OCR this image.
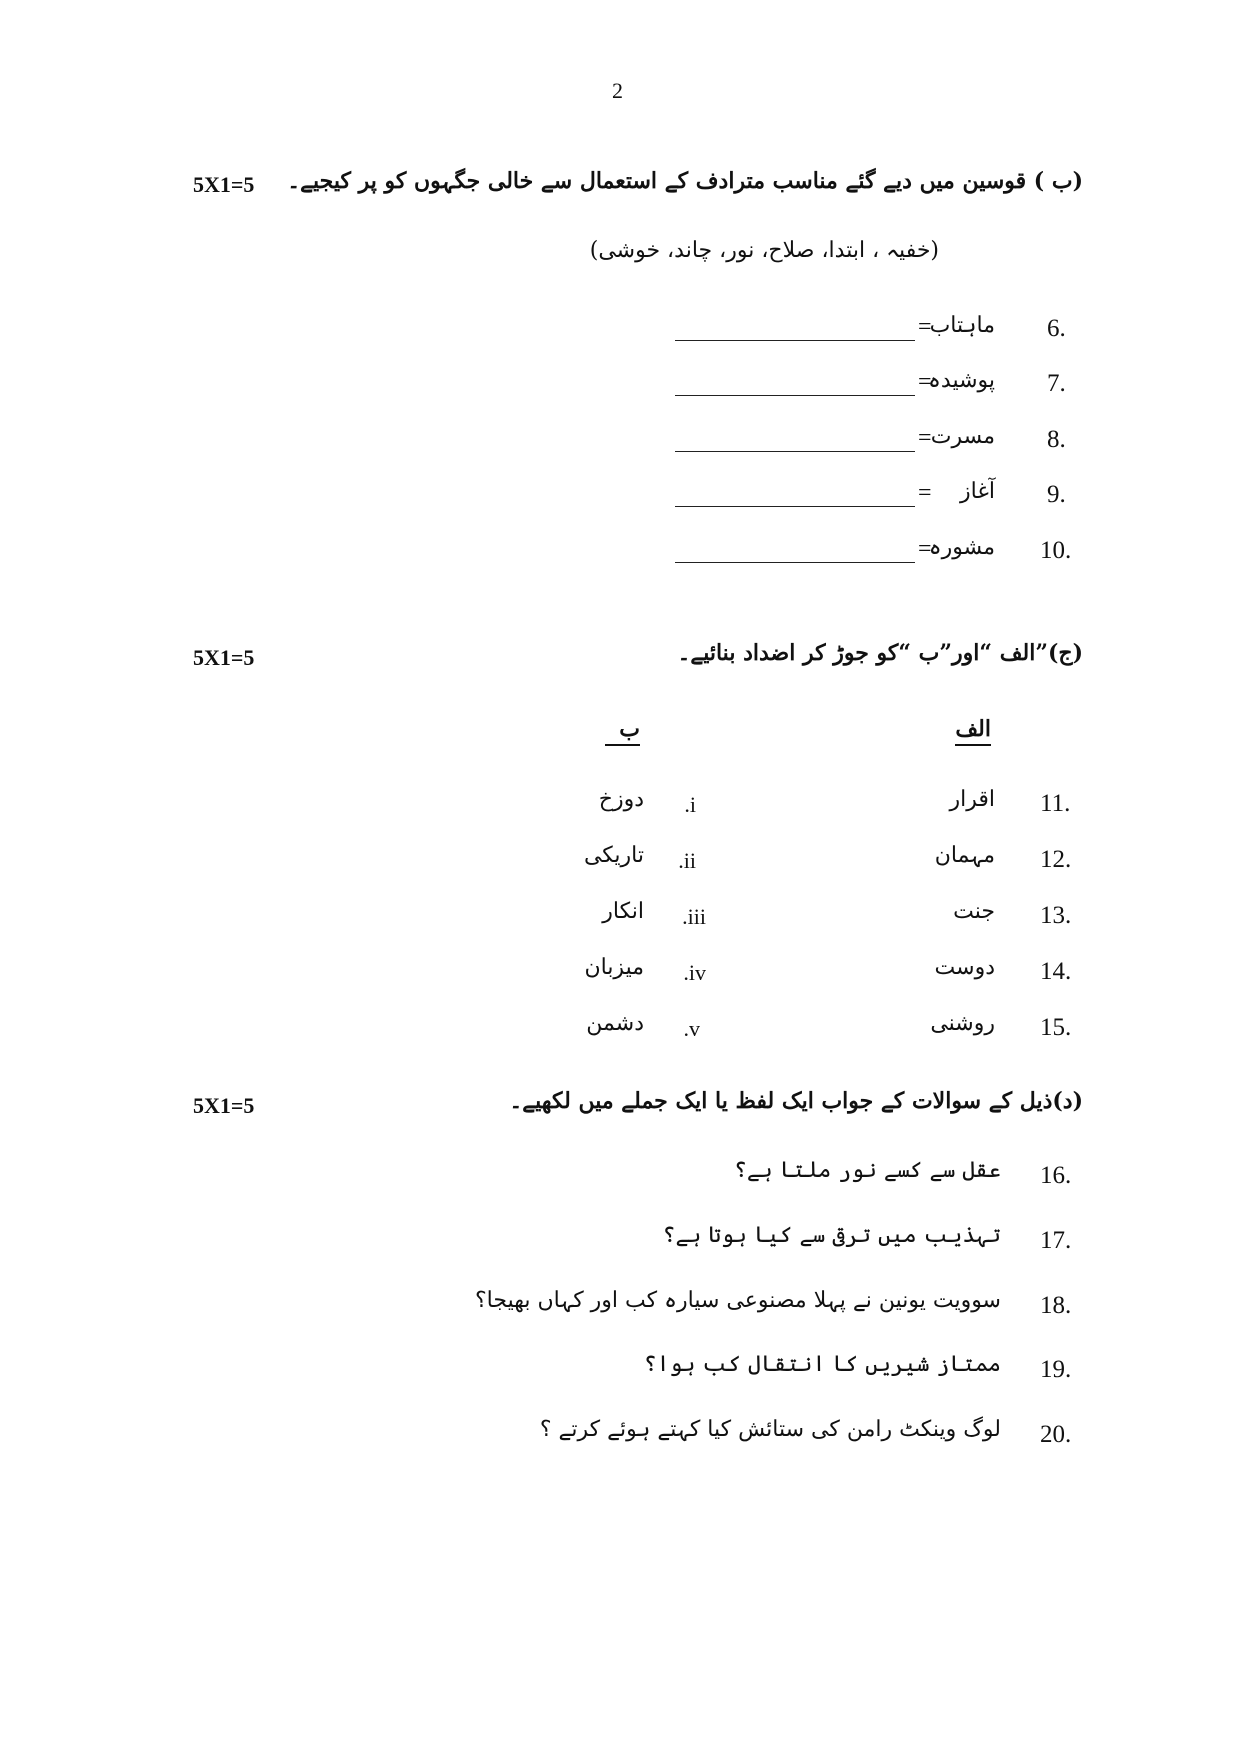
2
5X1=5 (ب ) قوسین میں دیے گئے مناسب مترادف کے استعمال سے خالی جگہوں کو پر کیجیے۔
(خفیہ ، ابتدا، صلاح، نور، چاند، خوشی)
6.
ماہتاب
=
7.
پوشیدہ
=
8.
مسرت
=
9.
آغاز
=
10.
مشورہ
=
5X1=5	(ج)”الف “اور”ب “کو جوڑ کر اضداد بنائیے۔
الف
ب
11.
اقرار
.i
دوزخ
12.
مہمان
.ii
تاریکی
13.
جنت
.iii
انکار
14.
دوست
.iv
میزبان
15.
روشنی
.v
دشمن
5X1=5	(د)ذیل کے سوالات کے جواب ایک لفظ یا ایک جملے میں لکھیے۔
16.
عقل سے کسے نور ملتا ہے؟
17.
تہذیب میں ترقی سے کیا ہوتا ہے؟
18.
سوویت یونین نے پہلا مصنوعی سیارہ کب اور کہاں بھیجا؟
19.
ممتاز شیریں کا انتقال کب ہوا؟
20.
لوگ وینکٹ رامن کی ستائش کیا کہتے ہوئے کرتے ؟
